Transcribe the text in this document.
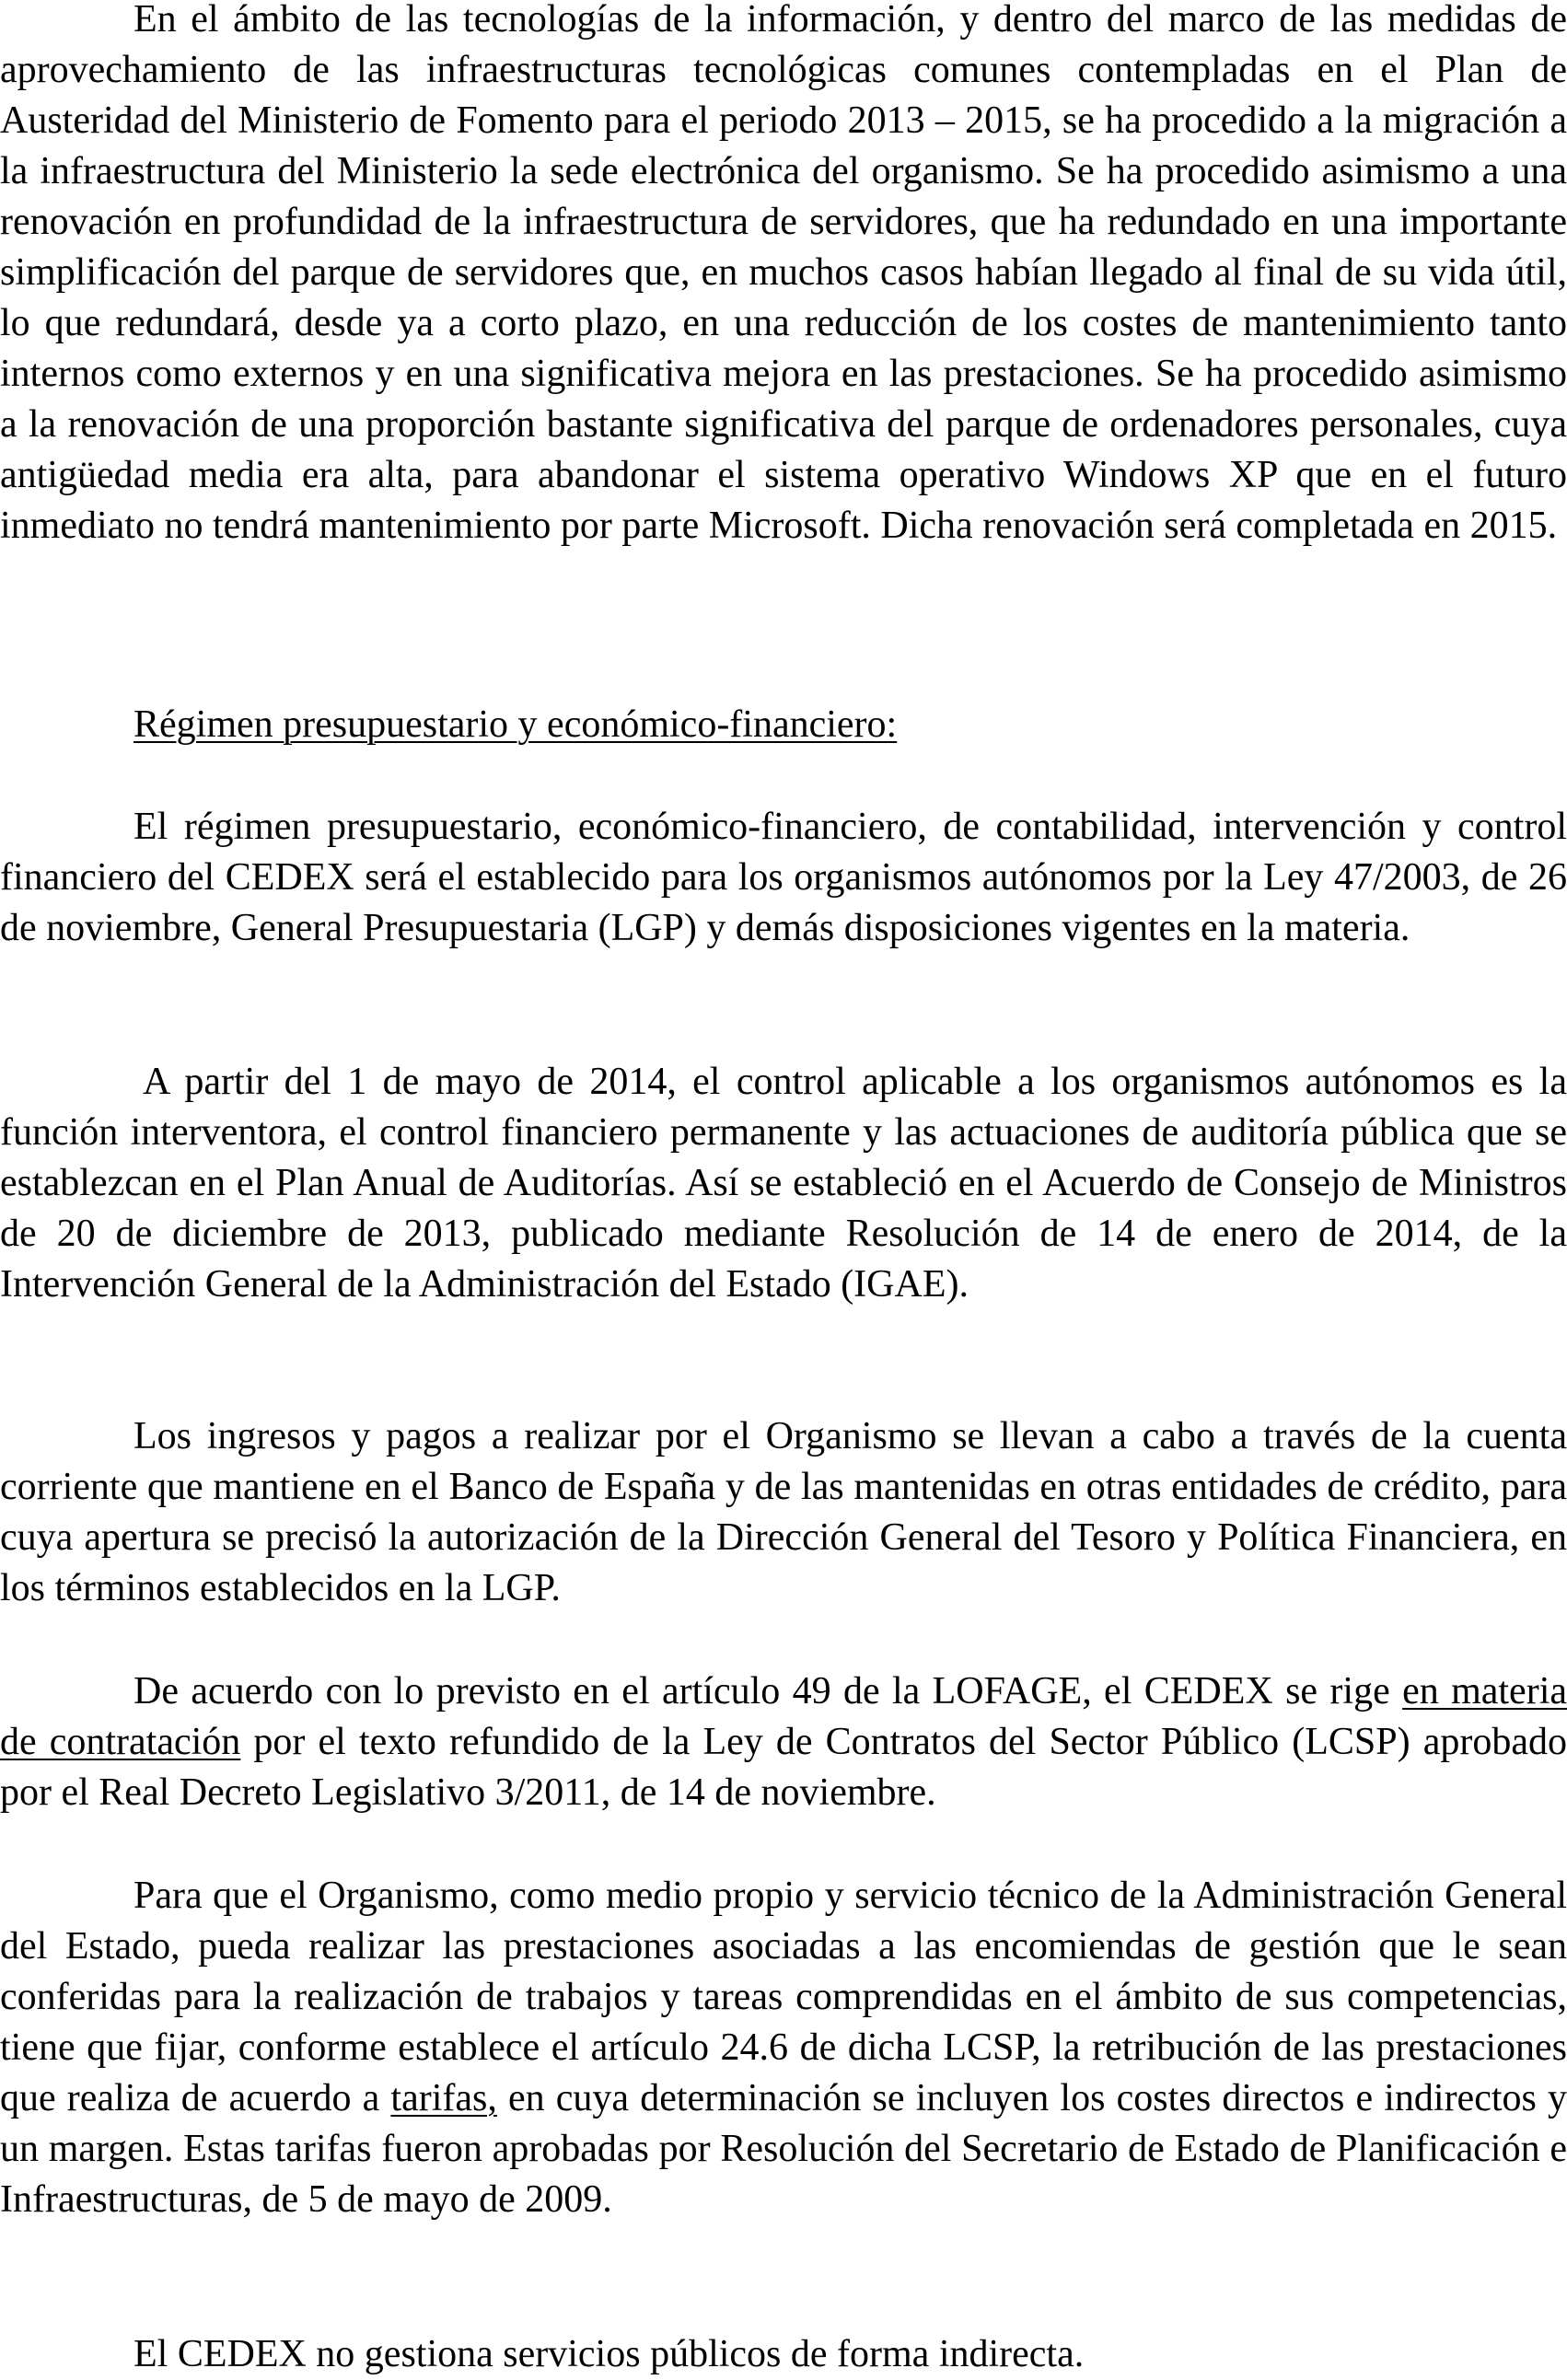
En el ámbito de las tecnologías de la información, y dentro del marco de las medidas de aprovechamiento de las infraestructuras tecnológicas comunes contempladas en el Plan de Austeridad del Ministerio de Fomento para el periodo 2013 – 2015, se ha procedido a la migración a la infraestructura del Ministerio la sede electrónica del organismo. Se ha procedido asimismo a una renovación en profundidad de la infraestructura de servidores, que ha redundado en una importante simplificación del parque de servidores que, en muchos casos habían llegado al final de su vida útil, lo que redundará, desde ya a corto plazo, en una reducción de los costes de mantenimiento tanto internos como externos y en una significativa mejora en las prestaciones. Se ha procedido asimismo a la renovación de una proporción bastante significativa del parque de ordenadores personales, cuya antigüedad media era alta, para abandonar el sistema operativo Windows XP que en el futuro inmediato no tendrá mantenimiento por parte Microsoft. Dicha renovación será completada en 2015.

Régimen presupuestario y económico-financiero:

El régimen presupuestario, económico-financiero, de contabilidad, intervención y control financiero del CEDEX será el establecido para los organismos autónomos por la Ley 47/2003, de 26 de noviembre, General Presupuestaria (LGP) y demás disposiciones vigentes en la materia.

A partir del 1 de mayo de 2014, el control aplicable a los organismos autónomos es la función interventora, el control financiero permanente y las actuaciones de auditoría pública que se establezcan en el Plan Anual de Auditorías. Así se estableció en el Acuerdo de Consejo de Ministros de 20 de diciembre de 2013, publicado mediante Resolución de 14 de enero de 2014, de la Intervención General de la Administración del Estado (IGAE).

Los ingresos y pagos a realizar por el Organismo se llevan a cabo a través de la cuenta corriente que mantiene en el Banco de España y de las mantenidas en otras entidades de crédito, para cuya apertura se precisó la autorización de la Dirección General del Tesoro y Política Financiera, en los términos establecidos en la LGP.

De acuerdo con lo previsto en el artículo 49 de la LOFAGE, el CEDEX se rige en materia de contratación por el texto refundido de la Ley de Contratos del Sector Público (LCSP) aprobado por el Real Decreto Legislativo 3/2011, de 14 de noviembre.

Para que el Organismo, como medio propio y servicio técnico de la Administración General del Estado, pueda realizar las prestaciones asociadas a las encomiendas de gestión que le sean conferidas para la realización de trabajos y tareas comprendidas en el ámbito de sus competencias, tiene que fijar, conforme establece el artículo 24.6 de dicha LCSP, la retribución de las prestaciones que realiza de acuerdo a tarifas, en cuya determinación se incluyen los costes directos e indirectos y un margen. Estas tarifas fueron aprobadas por Resolución del Secretario de Estado de Planificación e Infraestructuras, de 5 de mayo de 2009.

El CEDEX no gestiona servicios públicos de forma indirecta.
